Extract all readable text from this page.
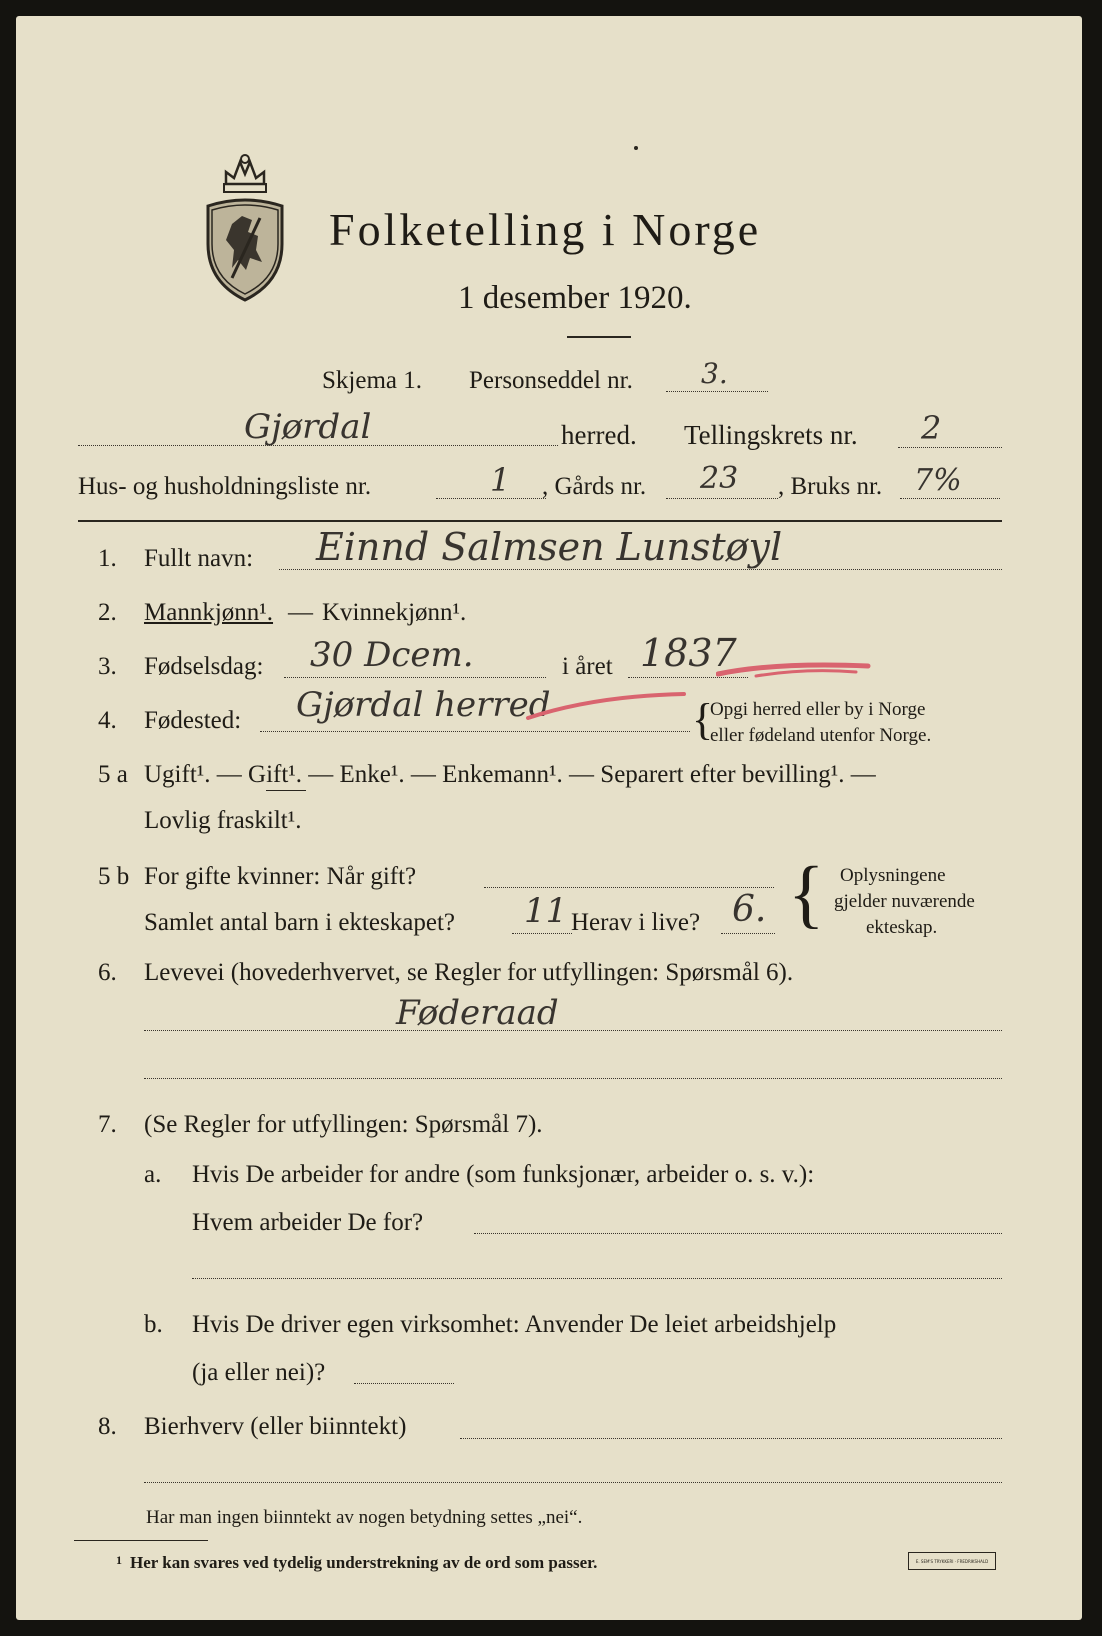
Folketelling i Norge
1 desember 1920.
Skjema 1. Personseddel nr. 3.
Gjørdal	herred. Tellingskrets nr. 2
Hus- og husholdningsliste nr.	1 , Gårds nr. 23 , Bruks nr. 7%
1. Fullt navn: Einnd Salmsen Lunstøyl
2. Mannkjønn¹. — Kvinnekjønn¹.
3. Fødselsdag: 30 Dcem.	i året 1837
4. Fødested: Gjørdal herred	{
Opgi herred eller by i Norge
eller fødeland utenfor Norge.
5 a Ugift¹. — Gift¹. — Enke¹. — Enkemann¹. — Separert efter bevilling¹. —
Lovlig fraskilt¹.
5 b For gifte kvinner: Når gift?
Samlet antal barn i ekteskapet? 11 Herav i live? 6. { Oplysningene
gjelder nuværende
ekteskap.
6. Levevei (hovederhvervet, se Regler for utfyllingen: Spørsmål 6).
Føderaad
7. (Se Regler for utfyllingen: Spørsmål 7).
a. Hvis De arbeider for andre (som funksjonær, arbeider o. s. v.):
Hvem arbeider De for?
b. Hvis De driver egen virksomhet: Anvender De leiet arbeidshjelp
(ja eller nei)?
8. Bierhverv (eller biinntekt)
Har man ingen biinntekt av nogen betydning settes „nei“.
1 Her kan svares ved tydelig understrekning av de ord som passer.	E. SEM'S TRYKKERI · FREDRIKSHALD
